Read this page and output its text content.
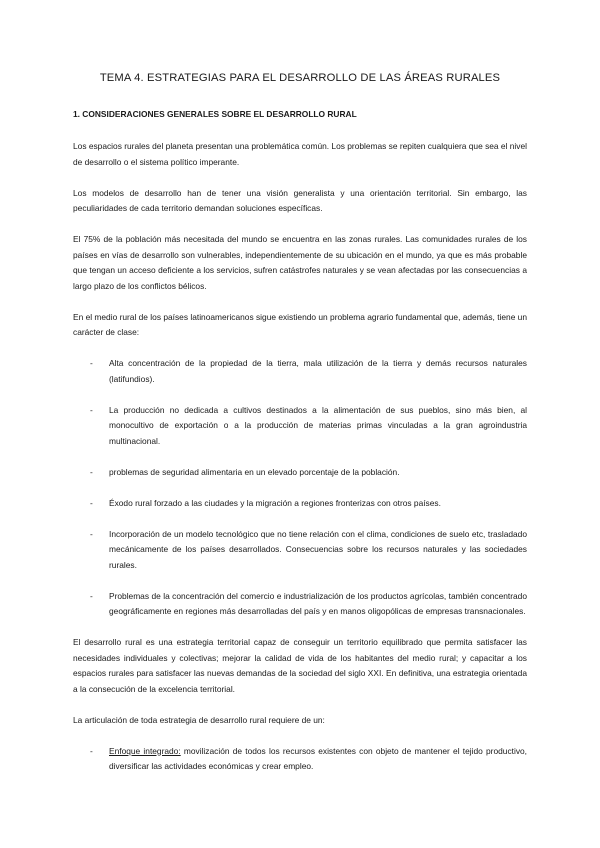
TEMA 4. ESTRATEGIAS PARA EL DESARROLLO DE LAS ÁREAS RURALES
1. CONSIDERACIONES GENERALES SOBRE EL DESARROLLO RURAL

Los espacios rurales del planeta presentan una problemática común. Los problemas se repiten cualquiera que sea el nivel de desarrollo o el sistema político imperante.

Los modelos de desarrollo han de tener una visión generalista y una orientación territorial. Sin embargo, las peculiaridades de cada territorio demandan soluciones específicas.

El 75% de la población más necesitada del mundo se encuentra en las zonas rurales. Las comunidades rurales de los países en vías de desarrollo son vulnerables, independientemente de su ubicación en el mundo, ya que es más probable que tengan un acceso deficiente a los servicios, sufren catástrofes naturales y se vean afectadas por las consecuencias a largo plazo de los conflictos bélicos.

En el medio rural de los países latinoamericanos sigue existiendo un problema agrario fundamental que, además, tiene un carácter de clase:

- Alta concentración de la propiedad de la tierra, mala utilización de la tierra y demás recursos naturales (latifundios).
- La producción no dedicada a cultivos destinados a la alimentación de sus pueblos, sino más bien, al monocultivo de exportación o a la producción de materias primas vinculadas a la gran agroindustria multinacional.
- problemas de seguridad alimentaria en un elevado porcentaje de la población.
- Éxodo rural forzado a las ciudades y la migración a regiones fronterizas con otros países.
- Incorporación de un modelo tecnológico que no tiene relación con el clima, condiciones de suelo etc, trasladado mecánicamente de los países desarrollados. Consecuencias sobre los recursos naturales y las sociedades rurales.
- Problemas de la concentración del comercio e industrialización de los productos agrícolas, también concentrado geográficamente en regiones más desarrolladas del país y en manos oligopólicas de empresas transnacionales.

El desarrollo rural es una estrategia territorial capaz de conseguir un territorio equilibrado que permita satisfacer las necesidades individuales y colectivas; mejorar la calidad de vida de los habitantes del medio rural; y capacitar a los espacios rurales para satisfacer las nuevas demandas de la sociedad del siglo XXI. En definitiva, una estrategia orientada a la consecución de la excelencia territorial.

La articulación de toda estrategia de desarrollo rural requiere de un:

- Enfoque integrado: movilización de todos los recursos existentes con objeto de mantener el tejido productivo, diversificar las actividades económicas y crear empleo.
